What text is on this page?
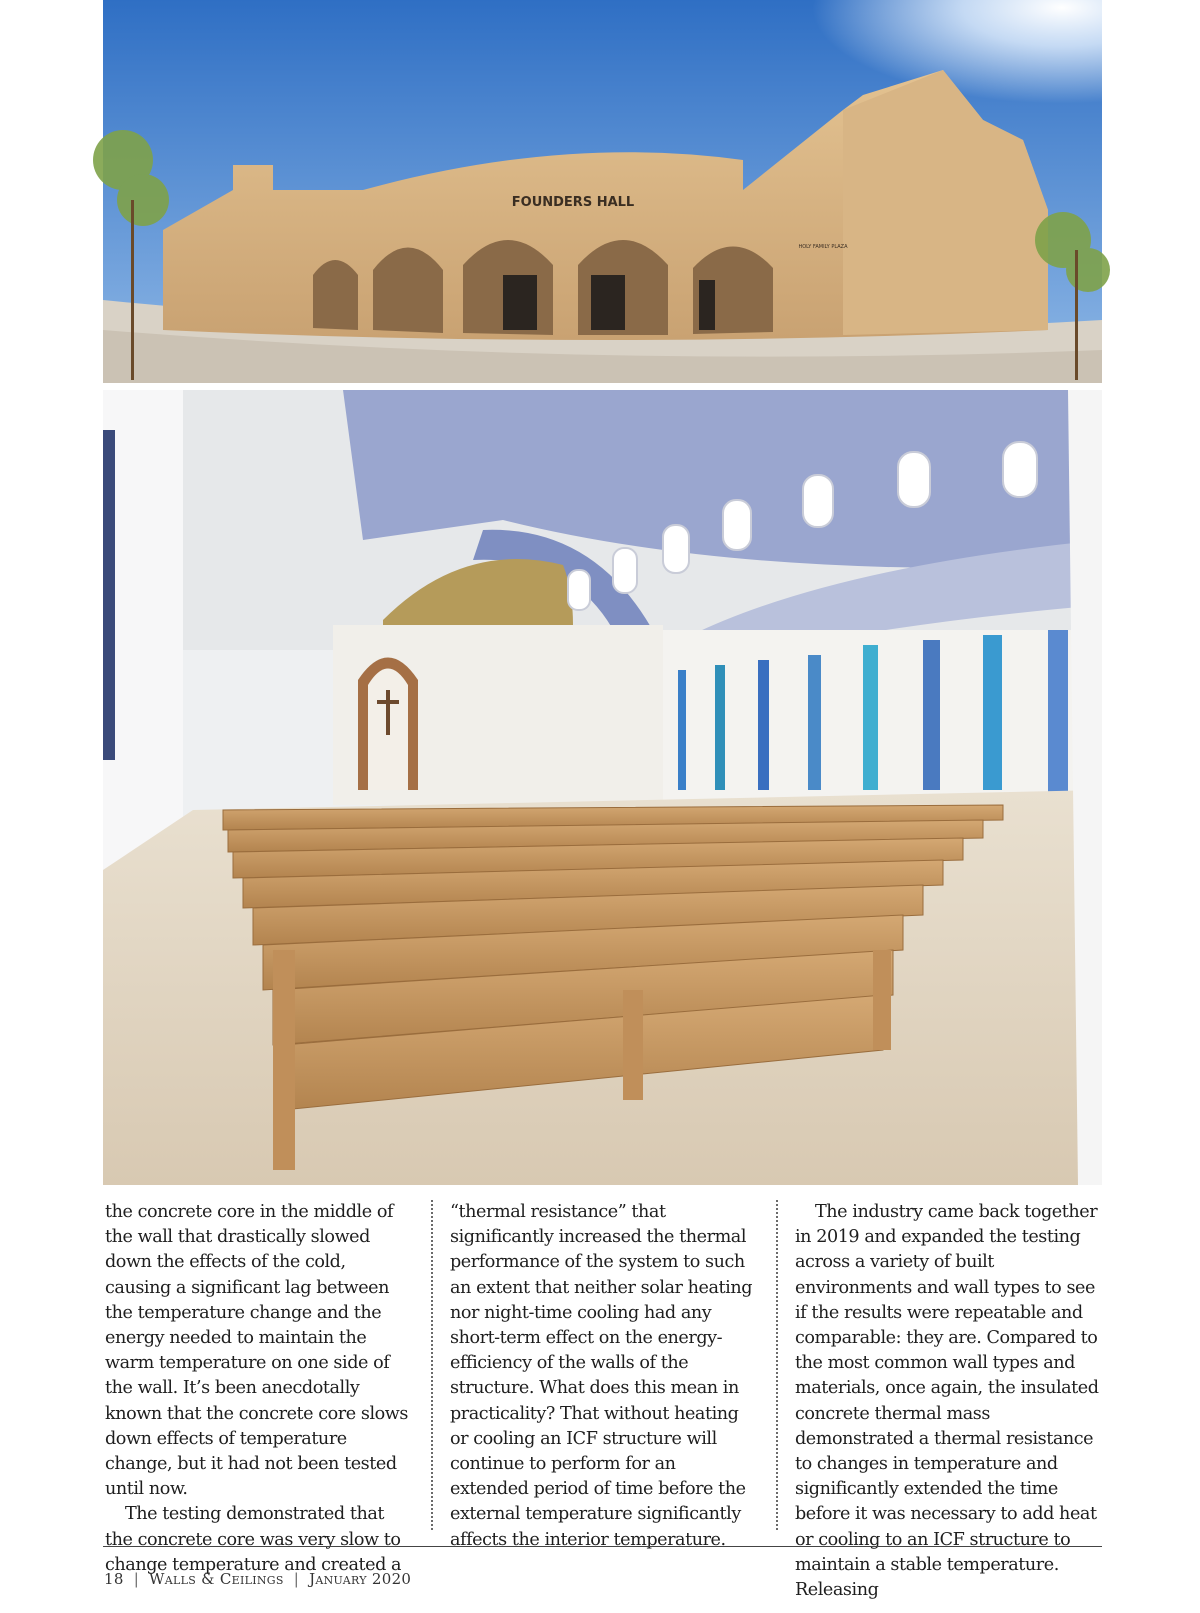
FOUNDERS HALL
HOLY FAMILY PLAZA

the concrete core in the middle of the wall that drastically slowed down the effects of the cold, causing a significant lag between the temperature change and the energy needed to maintain the warm temperature on one side of the wall. It’s been anecdotally known that the concrete core slows down effects of temperature change, but it had not been tested until now.

The testing demonstrated that the concrete core was very slow to change temperature and created a

“thermal resistance” that significantly increased the thermal performance of the system to such an extent that neither solar heating nor night-time cooling had any short-term effect on the energy-efficiency of the walls of the structure. What does this mean in practicality? That without heating or cooling an ICF structure will continue to perform for an extended period of time before the external temperature significantly affects the interior temperature.

The industry came back together in 2019 and expanded the testing across a variety of built environments and wall types to see if the results were repeatable and comparable: they are. Compared to the most common wall types and materials, once again, the insulated concrete thermal mass demonstrated a thermal resistance to changes in temperature and significantly extended the time before it was necessary to add heat or cooling to an ICF structure to maintain a stable temperature. Releasing

18 | Walls & Ceilings | January 2020
